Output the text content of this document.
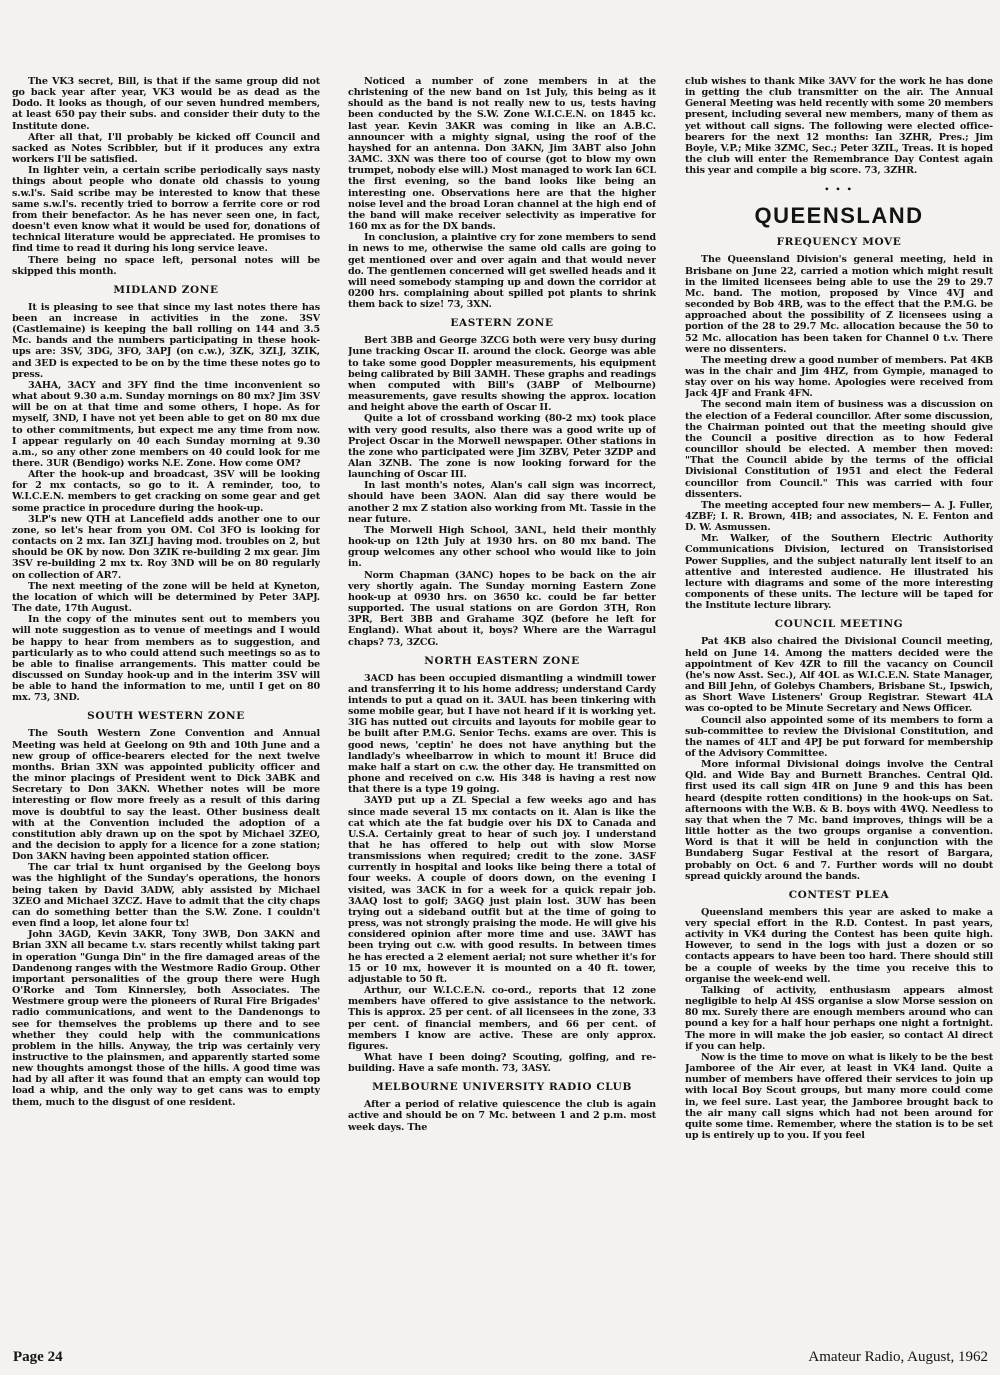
The VK3 secret, Bill, is that if the same group did not go back year after year, VK3 would be as dead as the Dodo. It looks as though, of our seven hundred members, at least 650 pay their subs. and consider their duty to the Institute done.

After all that, I'll probably be kicked off Council and sacked as Notes Scribbler, but if it produces any extra workers I'll be satisfied.

In lighter vein, a certain scribe periodically says nasty things about people who donate old chassis to young s.w.l's. Said scribe may be interested to know that these same s.w.l's. recently tried to borrow a ferrite core or rod from their benefactor. As he has never seen one, in fact, doesn't even know what it would be used for, donations of technical literature would be appreciated. He promises to find time to read it during his long service leave.

There being no space left, personal notes will be skipped this month.

MIDLAND ZONE

It is pleasing to see that since my last notes there has been an increase in activities in the zone. 3SV (Castlemaine) is keeping the ball rolling on 144 and 3.5 Mc. bands and the numbers participating in these hook-ups are: 3SV, 3DG, 3FO, 3APJ (on c.w.), 3ZK, 3ZLJ, 3ZIK, and 3ED is expected to be on by the time these notes go to press.

3AHA, 3ACY and 3FY find the time inconvenient so what about 9.30 a.m. Sunday mornings on 80 mx? Jim 3SV will be on at that time and some others, I hope. As for myself, 3ND, I have not yet been able to get on 80 mx due to other commitments, but expect me any time from now. I appear regularly on 40 each Sunday morning at 9.30 a.m., so any other zone members on 40 could look for me there. 3UR (Bendigo) works N.E. Zone. How come OM?

After the hook-up and broadcast, 3SV will be looking for 2 mx contacts, so go to it. A reminder, too, to W.I.C.E.N. members to get cracking on some gear and get some practice in procedure during the hook-up.

3LP's new QTH at Lancefield adds another one to our zone, so let's hear from you OM. Col 3FO is looking for contacts on 2 mx. Ian 3ZLJ having mod. troubles on 2, but should be OK by now. Don 3ZIK re-building 2 mx gear. Jim 3SV re-building 2 mx tx. Roy 3ND will be on 80 regularly on collection of AR7.

The next meeting of the zone will be held at Kyneton, the location of which will be determined by Peter 3APJ. The date, 17th August.

In the copy of the minutes sent out to members you will note suggestion as to venue of meetings and I would be happy to hear from members as to suggestion, and particularly as to who could attend such meetings so as to be able to finalise arrangements. This matter could be discussed on Sunday hook-up and in the interim 3SV will be able to hand the information to me, until I get on 80 mx. 73, 3ND.

SOUTH WESTERN ZONE

The South Western Zone Convention and Annual Meeting was held at Geelong on 9th and 10th June and a new group of office-bearers elected for the next twelve months. Brian 3XN was appointed publicity officer and the minor placings of President went to Dick 3ABK and Secretary to Don 3AKN. Whether notes will be more interesting or flow more freely as a result of this daring move is doubtful to say the least. Other business dealt with at the Convention included the adoption of a constitution ably drawn up on the spot by Michael 3ZEO, and the decision to apply for a licence for a zone station; Don 3AKN having been appointed station officer.

The car trial tx hunt organised by the Geelong boys was the highlight of the Sunday's operations, the honors being taken by David 3ADW, ably assisted by Michael 3ZEO and Michael 3ZCZ. Have to admit that the city chaps can do something better than the S.W. Zone. I couldn't even find a loop, let alone four tx!

John 3AGD, Kevin 3AKR, Tony 3WB, Don 3AKN and Brian 3XN all became t.v. stars recently whilst taking part in operation "Gunga Din" in the fire damaged areas of the Dandenong ranges with the Westmore Radio Group. Other important personalities of the group there were Hugh O'Rorke and Tom Kinnersley, both Associates. The Westmere group were the pioneers of Rural Fire Brigades' radio communications, and went to the Dandenongs to see for themselves the problems up there and to see whether they could help with the communications problem in the hills. Anyway, the trip was certainly very instructive to the plainsmen, and apparently started some new thoughts amongst those of the hills. A good time was had by all after it was found that an empty can would top load a whip, and the only way to get cans was to empty them, much to the disgust of one resident.

Noticed a number of zone members in at the christening of the new band on 1st July, this being as it should as the band is not really new to us, tests having been conducted by the S.W. Zone W.I.C.E.N. on 1845 kc. last year. Kevin 3AKR was coming in like an A.B.C. announcer with a mighty signal, using the roof of the hayshed for an antenna. Don 3AKN, Jim 3ABT also John 3AMC. 3XN was there too of course (got to blow my own trumpet, nobody else will.) Most managed to work Ian 6CL the first evening, so the band looks like being an interesting one. Observations here are that the higher noise level and the broad Loran channel at the high end of the band will make receiver selectivity as imperative for 160 mx as for the DX bands.

In conclusion, a plaintive cry for zone members to send in news to me, otherwise the same old calls are going to get mentioned over and over again and that would never do. The gentlemen concerned will get swelled heads and it will need somebody stamping up and down the corridor at 0200 hrs. complaining about spilled pot plants to shrink them back to size! 73, 3XN.

EASTERN ZONE

Bert 3BB and George 3ZCG both were very busy during June tracking Oscar II. around the clock. George was able to take some good Doppler measurements, his equipment being calibrated by Bill 3AMH. These graphs and readings when computed with Bill's (3ABP of Melbourne) measurements, gave results showing the approx. location and height above the earth of Oscar II.

Quite a lot of crossband working (80-2 mx) took place with very good results, also there was a good write up of Project Oscar in the Morwell newspaper. Other stations in the zone who participated were Jim 3ZBV, Peter 3ZDP and Alan 3ZNB. The zone is now looking forward for the launching of Oscar III.

In last month's notes, Alan's call sign was incorrect, should have been 3AON. Alan did say there would be another 2 mx Z station also working from Mt. Tassie in the near future.

The Morwell High School, 3ANL, held their monthly hook-up on 12th July at 1930 hrs. on 80 mx band. The group welcomes any other school who would like to join in.

Norm Chapman (3ANC) hopes to be back on the air very shortly again. The Sunday morning Eastern Zone hook-up at 0930 hrs. on 3650 kc. could be far better supported. The usual stations on are Gordon 3TH, Ron 3PR, Bert 3BB and Grahame 3QZ (before he left for England). What about it, boys? Where are the Warragul chaps? 73, 3ZCG.

NORTH EASTERN ZONE

3ACD has been occupied dismantling a windmill tower and transferring it to his home address; understand Cardy intends to put a quad on it. 3AUL has been tinkering with some mobile gear, but I have not heard if it is working yet. 3IG has nutted out circuits and layouts for mobile gear to be built after P.M.G. Senior Techs. exams are over. This is good news, 'ceptin' he does not have anything but the landlady's wheelbarrow in which to mount it! Bruce did make half a start on c.w. the other day. He transmitted on phone and received on c.w. His 348 is having a rest now that there is a type 19 going.

3AYD put up a ZL Special a few weeks ago and has since made several 15 mx contacts on it. Alan is like the cat which ate the fat budgie over his DX to Canada and U.S.A. Certainly great to hear of such joy. I understand that he has offered to help out with slow Morse transmissions when required; credit to the zone. 3ASF currently in hospital and looks like being there a total of four weeks. A couple of doors down, on the evening I visited, was 3ACK in for a week for a quick repair job. 3AAQ lost to golf; 3AGQ just plain lost. 3UW has been trying out a sideband outfit but at the time of going to press, was not strongly praising the mode. He will give his considered opinion after more time and use. 3AWT has been trying out c.w. with good results. In between times he has erected a 2 element aerial; not sure whether it's for 15 or 10 mx, however it is mounted on a 40 ft. tower, adjustable to 50 ft.

Arthur, our W.I.C.E.N. co-ord., reports that 12 zone members have offered to give assistance to the network. This is approx. 25 per cent. of all licensees in the zone, 33 per cent. of financial members, and 66 per cent. of members I know are active. These are only approx. figures.

What have I been doing? Scouting, golfing, and re-building. Have a safe month. 73, 3ASY.

MELBOURNE UNIVERSITY RADIO CLUB

After a period of relative quiescence the club is again active and should be on 7 Mc. between 1 and 2 p.m. most week days. The

club wishes to thank Mike 3AVV for the work he has done in getting the club transmitter on the air. The Annual General Meeting was held recently with some 20 members present, including several new members, many of them as yet without call signs. The following were elected office-bearers for the next 12 months: Ian 3ZHR, Pres.; Jim Boyle, V.P.; Mike 3ZMC, Sec.; Peter 3ZIL, Treas. It is hoped the club will enter the Remembrance Day Contest again this year and compile a big score. 73, 3ZHR.

• • •
QUEENSLAND
FREQUENCY MOVE

The Queensland Division's general meeting, held in Brisbane on June 22, carried a motion which might result in the limited licensees being able to use the 29 to 29.7 Mc. band. The motion, proposed by Vince 4VJ and seconded by Bob 4RB, was to the effect that the P.M.G. be approached about the possibility of Z licensees using a portion of the 28 to 29.7 Mc. allocation because the 50 to 52 Mc. allocation has been taken for Channel 0 t.v. There were no dissenters.

The meeting drew a good number of members. Pat 4KB was in the chair and Jim 4HZ, from Gympie, managed to stay over on his way home. Apologies were received from Jack 4JF and Frank 4FN.

The second main item of business was a discussion on the election of a Federal councillor. After some discussion, the Chairman pointed out that the meeting should give the Council a positive direction as to how Federal councillor should be elected. A member then moved: "That the Council abide by the terms of the official Divisional Constitution of 1951 and elect the Federal councillor from Council." This was carried with four dissenters.

The meeting accepted four new members— A. J. Fuller, 4ZBF; I. R. Brown, 4IB; and associates, N. E. Fenton and D. W. Asmussen.

Mr. Walker, of the Southern Electric Authority Communications Division, lectured on Transistorised Power Supplies, and the subject naturally lent itself to an attentive and interested audience. He illustrated his lecture with diagrams and some of the more interesting components of these units. The lecture will be taped for the Institute lecture library.

COUNCIL MEETING

Pat 4KB also chaired the Divisional Council meeting, held on June 14. Among the matters decided were the appointment of Kev 4ZR to fill the vacancy on Council (he's now Asst. Sec.), Alf 4OL as W.I.C.E.N. State Manager, and Bill Jehn, of Golebys Chambers, Brisbane St., Ipswich, as Short Wave Listeners' Group Registrar. Stewart 4LA was co-opted to be Minute Secretary and News Officer.

Council also appointed some of its members to form a sub-committee to review the Divisional Constitution, and the names of 4LT and 4PJ be put forward for membership of the Advisory Committee.

More informal Divisional doings involve the Central Qld. and Wide Bay and Burnett Branches. Central Qld. first used its call sign 4IR on June 9 and this has been heard (despite rotten conditions) in the hook-ups on Sat. afternoons with the W.B. & B. boys with 4WQ. Needless to say that when the 7 Mc. band improves, things will be a little hotter as the two groups organise a convention. Word is that it will be held in conjunction with the Bundaberg Sugar Festival at the resort of Bargara, probably on Oct. 6 and 7. Further words will no doubt spread quickly around the bands.

CONTEST PLEA

Queensland members this year are asked to make a very special effort in the R.D. Contest. In past years, activity in VK4 during the Contest has been quite high. However, to send in the logs with just a dozen or so contacts appears to have been too hard. There should still be a couple of weeks by the time you receive this to organise the week-end well.

Talking of activity, enthusiasm appears almost negligible to help Al 4SS organise a slow Morse session on 80 mx. Surely there are enough members around who can pound a key for a half hour perhaps one night a fortnight. The more in will make the job easier, so contact Al direct if you can help.

Now is the time to move on what is likely to be the best Jamboree of the Air ever, at least in VK4 land. Quite a number of members have offered their services to join up with local Boy Scout groups, but many more could come in, we feel sure. Last year, the Jamboree brought back to the air many call signs which had not been around for quite some time. Remember, where the station is to be set up is entirely up to you. If you feel

Page 24	Amateur Radio, August, 1962
